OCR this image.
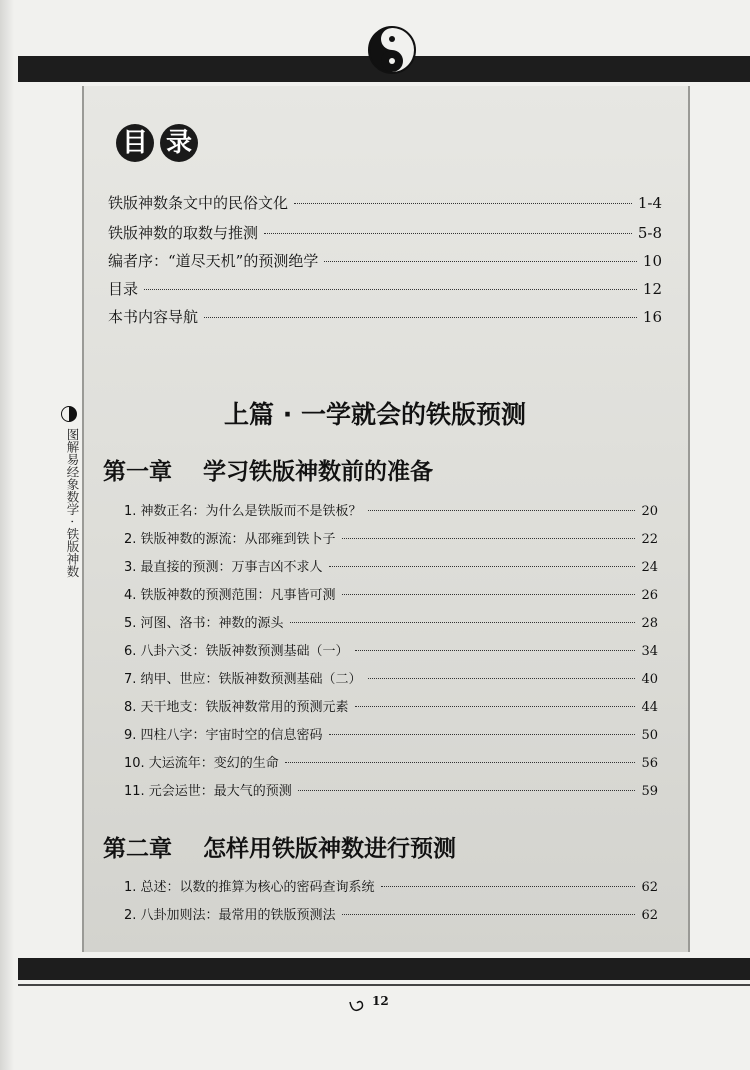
目 录
铁版神数条文中的民俗文化	1-4
铁版神数的取数与推测	5-8
编者序：“道尽天机”的预测绝学	10
目录	12
本书内容导航	16
上篇 · 一学就会的铁版预测
第一章 学习铁版神数前的准备
1. 神数正名：为什么是铁版而不是铁板？	20
2. 铁版神数的源流：从邵雍到铁卜子	22
3. 最直接的预测：万事吉凶不求人	24
4. 铁版神数的预测范围：凡事皆可测	26
5. 河图、洛书：神数的源头	28
6. 八卦六爻：铁版神数预测基础（一）	34
7. 纳甲、世应：铁版神数预测基础（二）	40
8. 天干地支：铁版神数常用的预测元素	44
9. 四柱八字：宇宙时空的信息密码	50
10. 大运流年：变幻的生命	56
11. 元会运世：最大气的预测	59
第二章 怎样用铁版神数进行预测
1. 总述：以数的推算为核心的密码查询系统	62
2. 八卦加则法：最常用的铁版预测法	62
图解易经象数学 · 铁版神数
12
